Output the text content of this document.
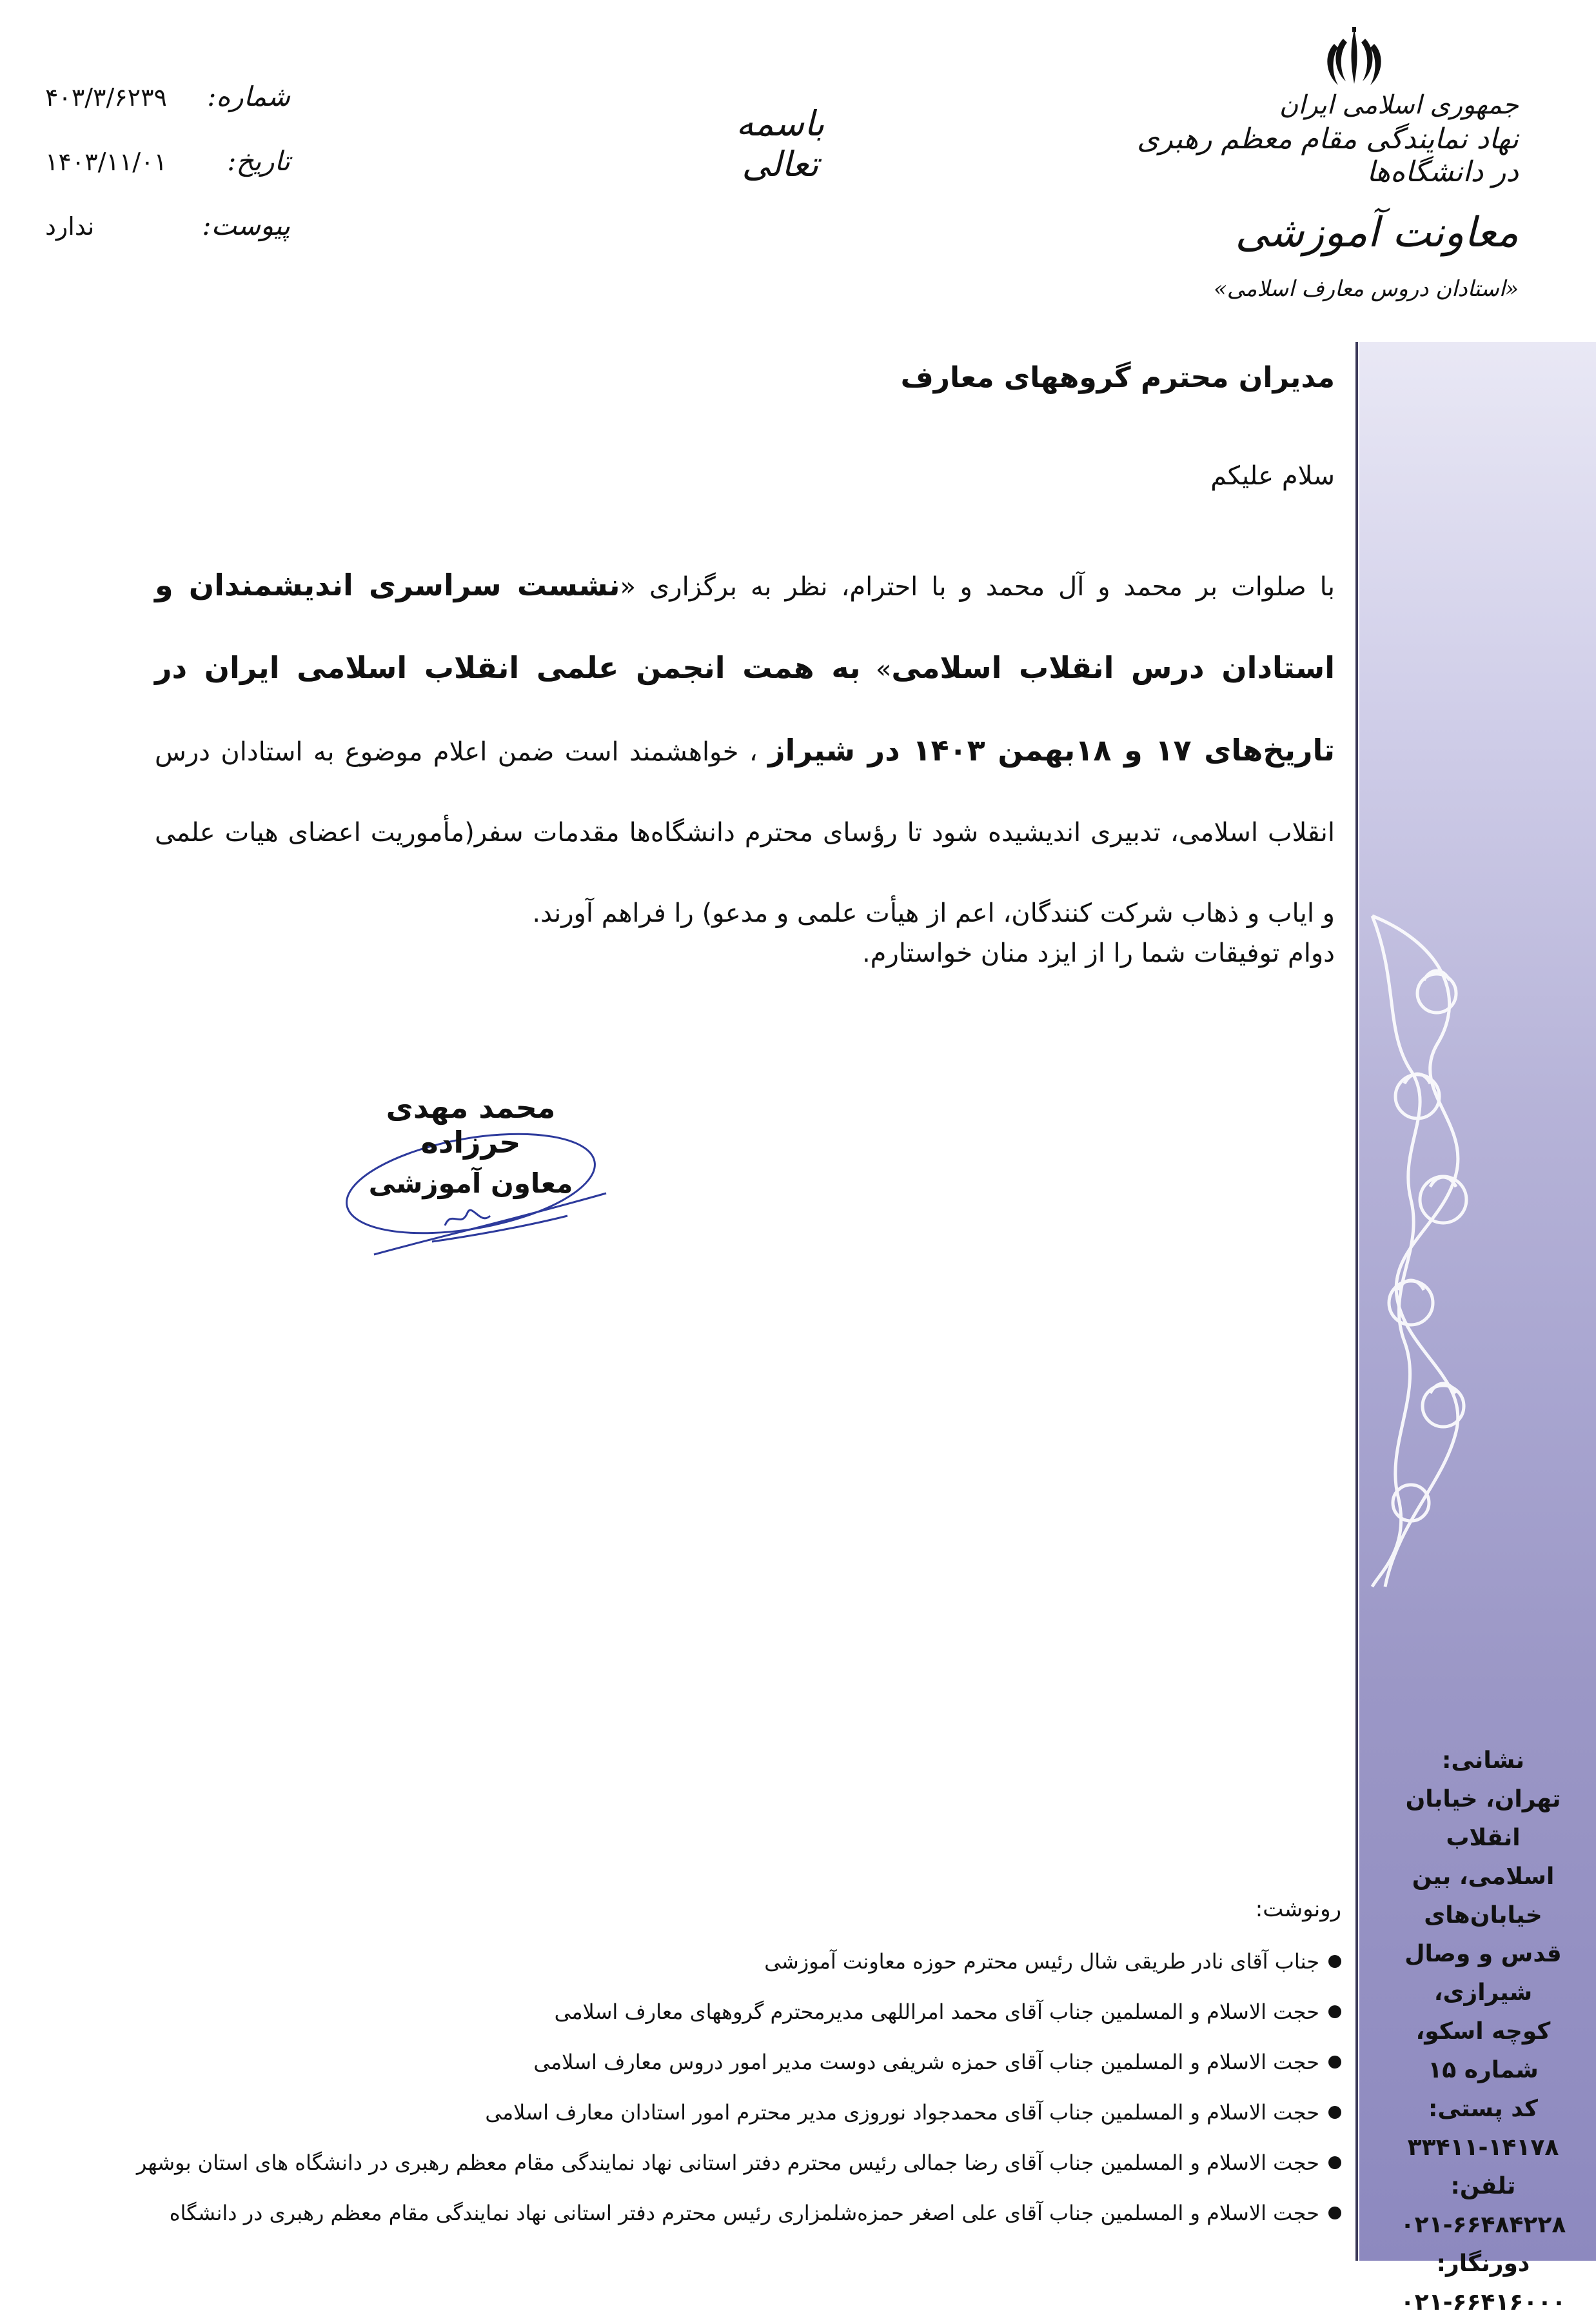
شماره:
۴۰۳/۳/۶۲۳۹
تاریخ:
۱۴۰۳/۱۱/۰۱
پیوست:
ندارد
باسمه تعالی
جمهوری اسلامی ایران
نهاد نمایندگی مقام معظم رهبری در دانشگاه‌ها
معاونت آموزشی
«استادان دروس معارف اسلامی»
نشانی:
تهران، خیابان انقلاب
اسلامی، بین خیابان‌های
قدس و وصال شیرازی،
کوچه اسکو،
شماره ۱۵
کد پستی:
۳۳۴۱۱-۱۴۱۷۸
تلفن:
۰۲۱-۶۶۴۸۴۲۲۸
دورنگار:
۰۲۱-۶۶۴۱۶۰۰۰
مدیران محترم گروههای معارف
سلام علیکم
با صلوات بر محمد و آل محمد و با احترام، نظر به برگزاری «نشست سراسری اندیشمندان و استادان درس انقلاب اسلامی» به همت انجمن علمی انقلاب اسلامی ایران در تاریخ‌های ۱۷ و ۱۸بهمن ۱۴۰۳ در شیراز ، خواهشمند است ضمن اعلام موضوع به استادان درس انقلاب اسلامی، تدبیری اندیشیده شود تا رؤسای محترم دانشگاه‌ها مقدمات سفر(مأموریت اعضای هیات علمی و ایاب و ذهاب شرکت کنندگان، اعم از هیأت علمی و مدعو) را فراهم آورند.
دوام توفیقات شما را از ایزد منان خواستارم.
محمد مهدی حرزاده
معاون آموزشی
رونوشت:
جناب آقای نادر طریقی شال رئیس محترم حوزه معاونت آموزشی
حجت الاسلام و المسلمین جناب آقای محمد امراللهی مدیرمحترم گروههای معارف اسلامی
حجت الاسلام و المسلمین جناب آقای حمزه شریفی دوست مدیر امور دروس معارف اسلامی
حجت الاسلام و المسلمین جناب آقای محمدجواد نوروزی مدیر محترم امور استادان معارف اسلامی
حجت الاسلام و المسلمین جناب آقای رضا جمالی رئیس محترم دفتر استانی نهاد نمایندگی مقام معظم رهبری در دانشگاه های استان بوشهر
حجت الاسلام و المسلمین جناب آقای علی اصغر حمزه‌شلمزاری رئیس محترم دفتر استانی نهاد نمایندگی مقام معظم رهبری در دانشگاه
